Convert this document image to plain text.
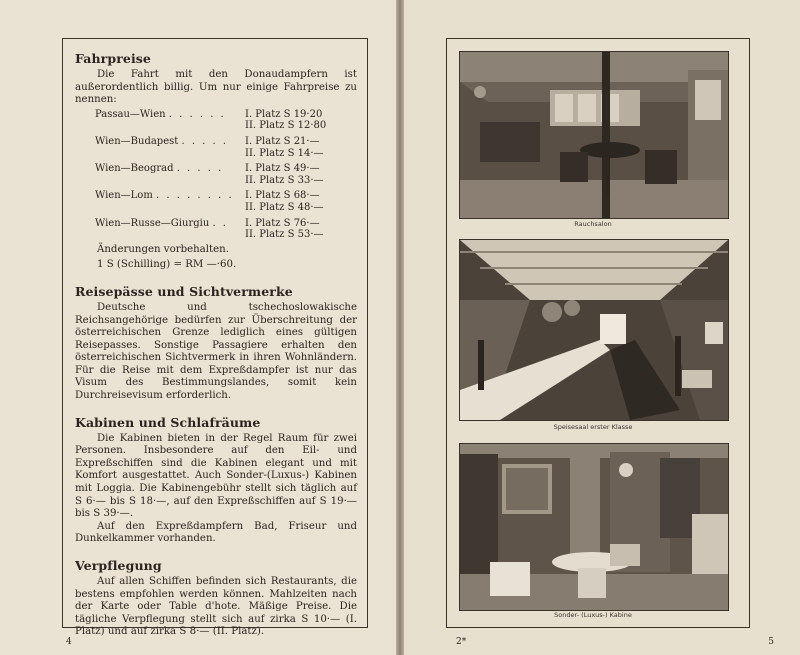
Fahrpreise

Die Fahrt mit den Donaudampfern ist außerordentlich billig. Um nur einige Fahrpreise zu nennen:

Passau—Wien . . . . . .	I. Platz S 19·20
	II. Platz S 12·80
Wien—Budapest . . . . .	I. Platz S 21·—
	II. Platz S 14·—
Wien—Beograd . . . . .	I. Platz S 49·—
	II. Platz S 33·—
Wien—Lom . . . . . . . .	I. Platz S 68·—
	II. Platz S 48·—
Wien—Russe—Giurgiu . .	I. Platz S 76·—
	II. Platz S 53·—
Änderungen vorbehalten.
1 S (Schilling) = RM —·60.
Reisepässe und Sichtvermerke

Deutsche und tschechoslowakische Reichsangehörige bedürfen zur Überschreitung der österreichischen Grenze lediglich eines gültigen Reisepasses. Sonstige Passagiere erhalten den österreichischen Sichtvermerk in ihren Wohnländern. Für die Reise mit dem Expreßdampfer ist nur das Visum des Bestimmungslandes, somit kein Durchreisevisum erforderlich.

Kabinen und Schlafräume

Die Kabinen bieten in der Regel Raum für zwei Personen. Insbesondere auf den Eil- und Expreßschiffen sind die Kabinen elegant und mit Komfort ausgestattet. Auch Sonder-(Luxus-) Kabinen mit Loggia. Die Kabinengebühr stellt sich täglich auf S 6·— bis S 18·—, auf den Expreßschiffen auf S 19·— bis S 39·—.

Auf den Expreßdampfern Bad, Friseur und Dunkelkammer vorhanden.

Verpflegung

Auf allen Schiffen befinden sich Restaurants, die bestens empfohlen werden können. Mahlzeiten nach der Karte oder Table d'hote. Mäßige Preise. Die tägliche Verpflegung stellt sich auf zirka S 10·— (I. Platz) und auf zirka S 8·— (II. Platz).

4
Rauchsalon
Speisesaal erster Klasse
Sonder- (Luxus-) Kabine
2*	5
